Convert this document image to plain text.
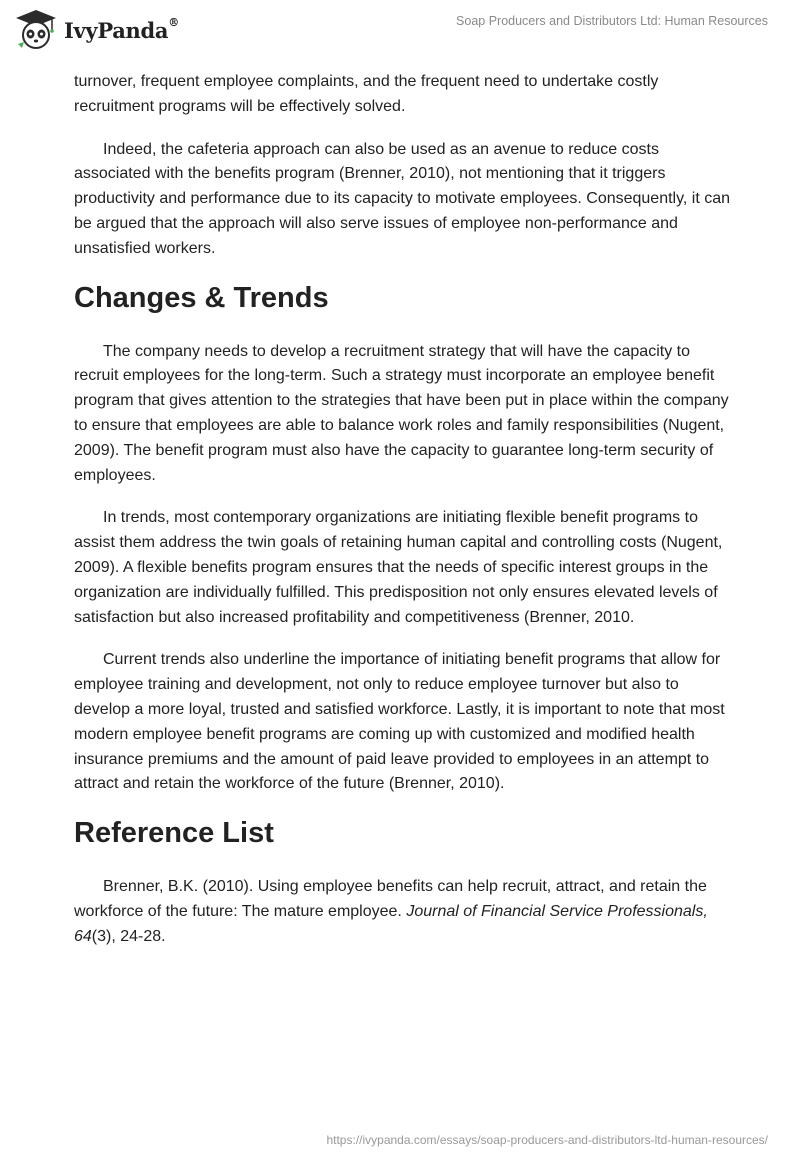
IvyPanda®	Soap Producers and Distributors Ltd: Human Resources

turnover, frequent employee complaints, and the frequent need to undertake costly recruitment programs will be effectively solved.

Indeed, the cafeteria approach can also be used as an avenue to reduce costs associated with the benefits program (Brenner, 2010), not mentioning that it triggers productivity and performance due to its capacity to motivate employees. Consequently, it can be argued that the approach will also serve issues of employee non-performance and unsatisfied workers.

Changes & Trends

The company needs to develop a recruitment strategy that will have the capacity to recruit employees for the long-term. Such a strategy must incorporate an employee benefit program that gives attention to the strategies that have been put in place within the company to ensure that employees are able to balance work roles and family responsibilities (Nugent, 2009). The benefit program must also have the capacity to guarantee long-term security of employees.

In trends, most contemporary organizations are initiating flexible benefit programs to assist them address the twin goals of retaining human capital and controlling costs (Nugent, 2009). A flexible benefits program ensures that the needs of specific interest groups in the organization are individually fulfilled. This predisposition not only ensures elevated levels of satisfaction but also increased profitability and competitiveness (Brenner, 2010.

Current trends also underline the importance of initiating benefit programs that allow for employee training and development, not only to reduce employee turnover but also to develop a more loyal, trusted and satisfied workforce. Lastly, it is important to note that most modern employee benefit programs are coming up with customized and modified health insurance premiums and the amount of paid leave provided to employees in an attempt to attract and retain the workforce of the future (Brenner, 2010).

Reference List

Brenner, B.K. (2010). Using employee benefits can help recruit, attract, and retain the workforce of the future: The mature employee. Journal of Financial Service Professionals, 64(3), 24-28.

https://ivypanda.com/essays/soap-producers-and-distributors-ltd-human-resources/
